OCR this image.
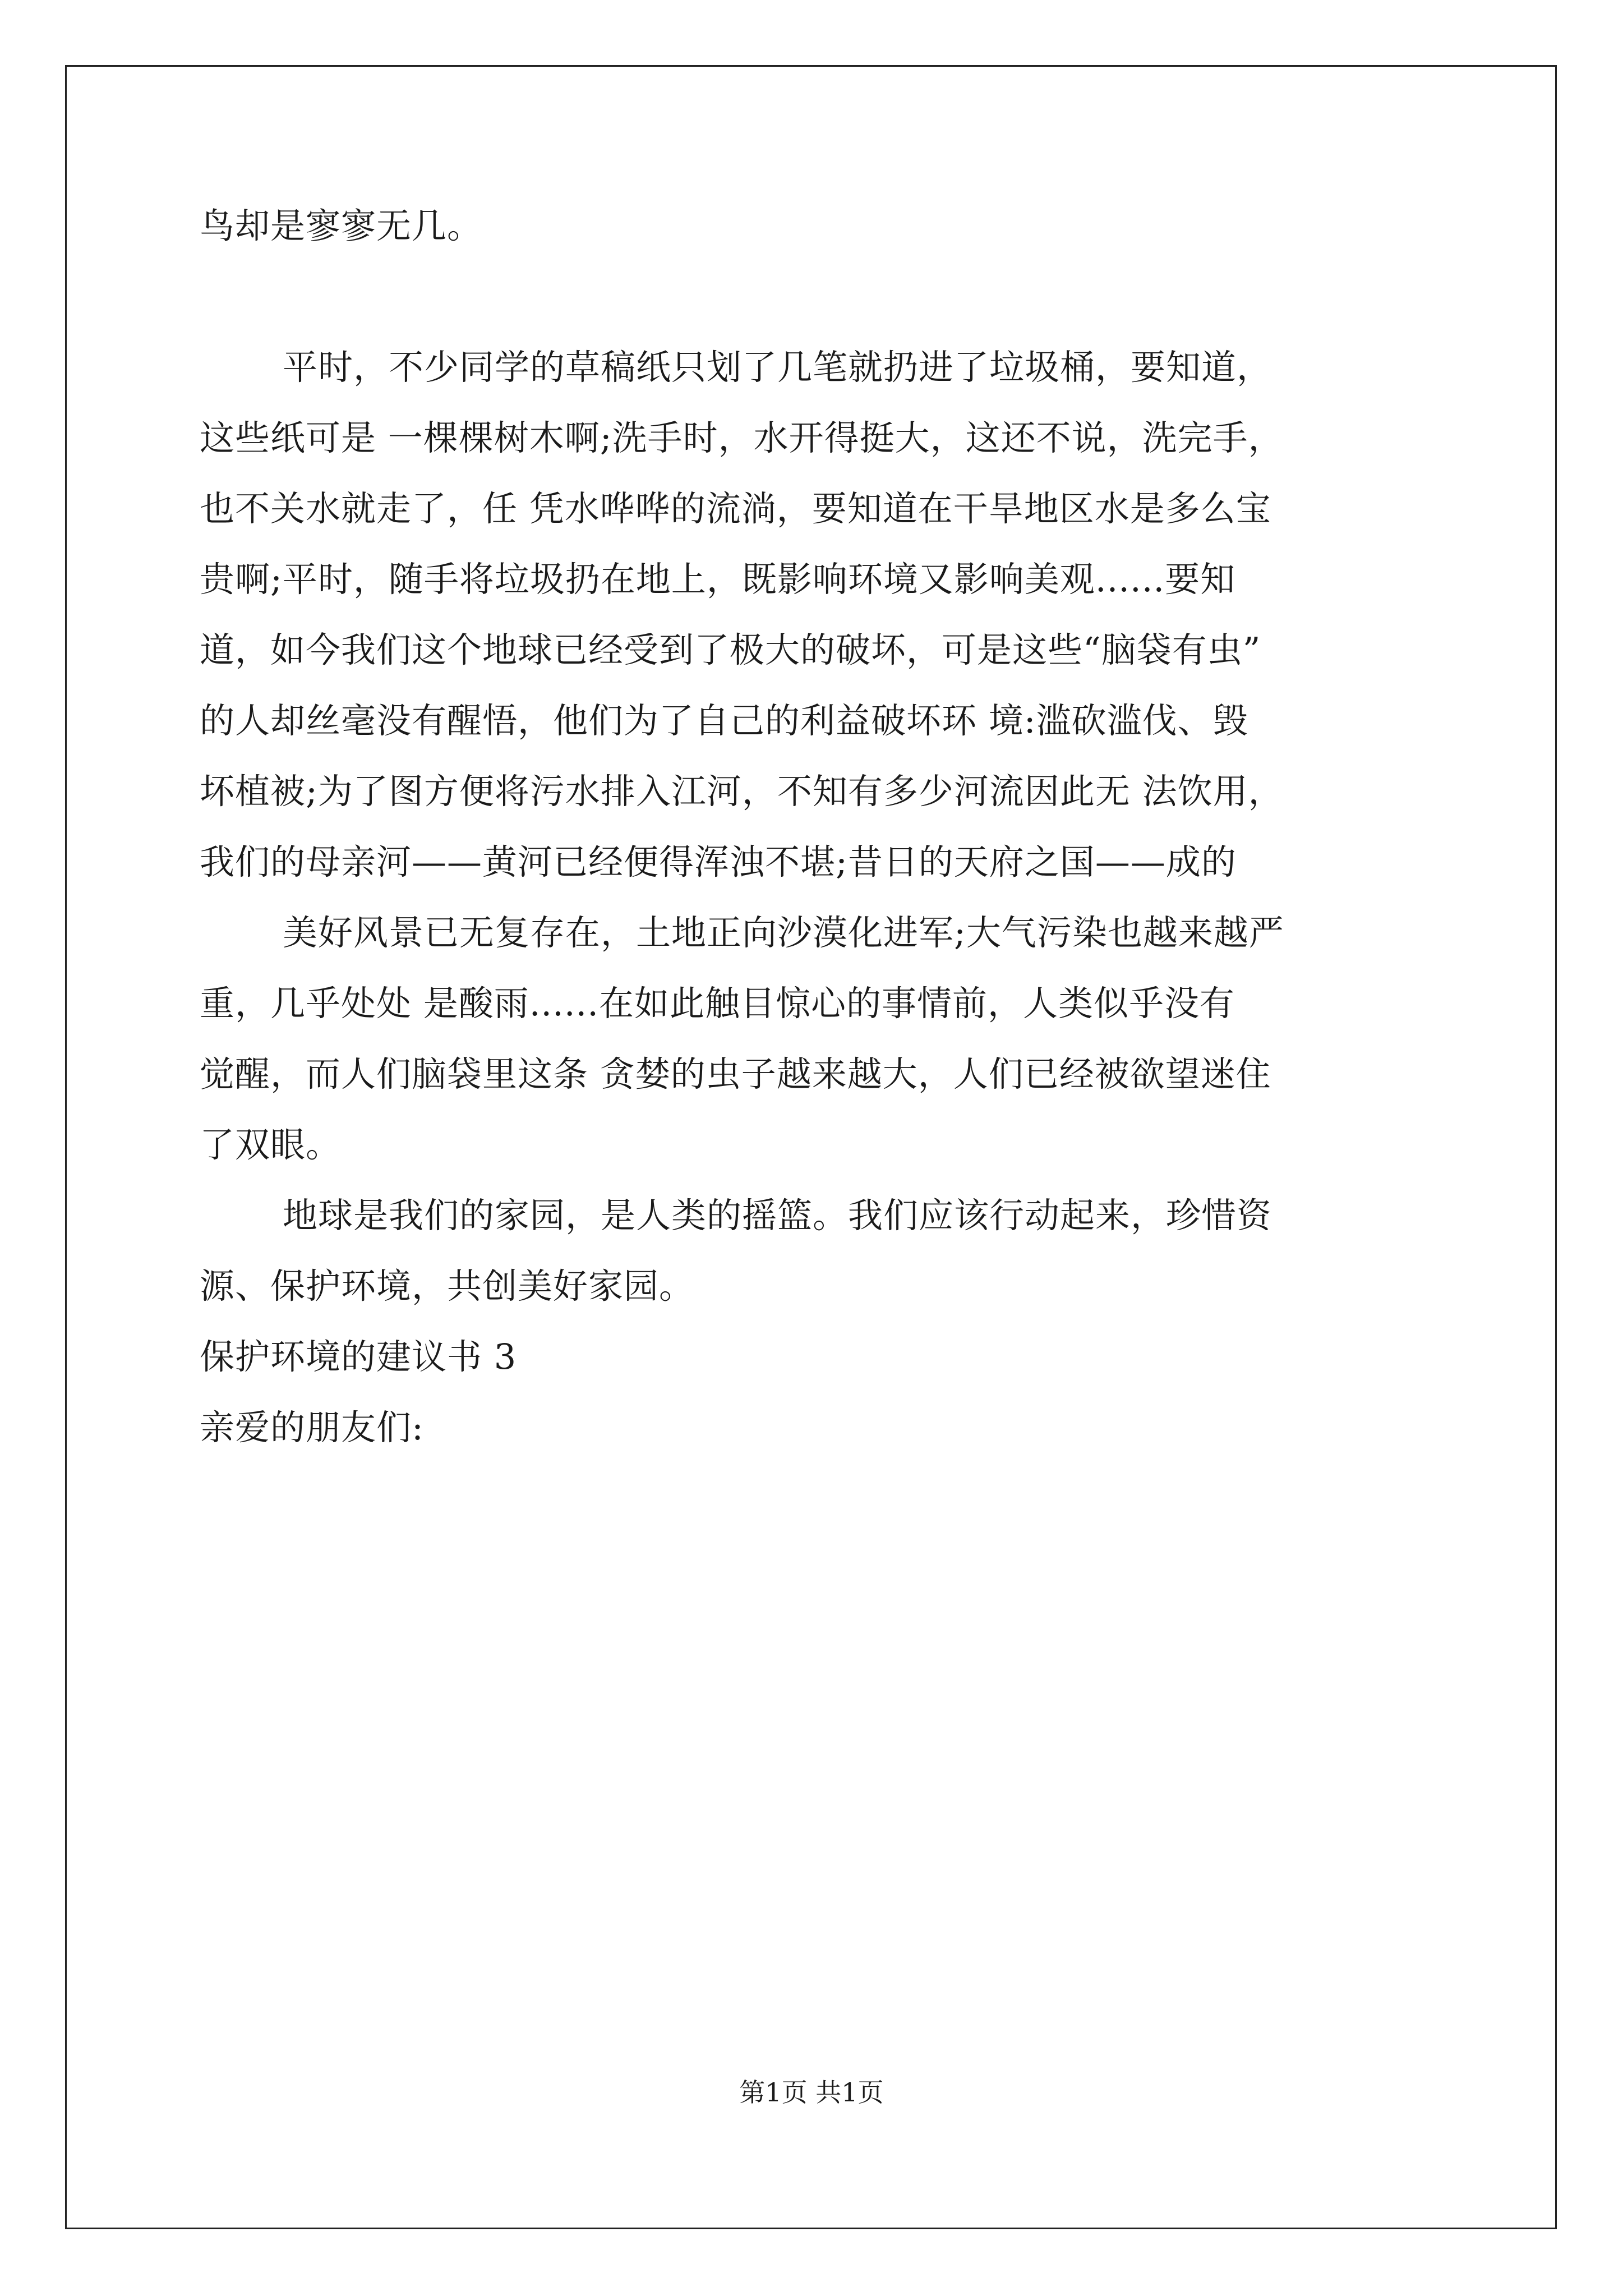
鸟却是寥寥无几。
平时，不少同学的草稿纸只划了几笔就扔进了垃圾桶，要知道，
这些纸可是 一棵棵树木啊;洗手时，水开得挺大，这还不说，洗完手，
也不关水就走了，任 凭水哗哗的流淌，要知道在干旱地区水是多么宝
贵啊;平时，随手将垃圾扔在地上，既影响环境又影响美观......要知
道，如今我们这个地球已经受到了极大的破坏，可是这些“脑袋有虫”
的人却丝毫没有醒悟，他们为了自己的利益破坏环 境:滥砍滥伐、毁
坏植被;为了图方便将污水排入江河，不知有多少河流因此无 法饮用，
我们的母亲河——黄河已经便得浑浊不堪;昔日的天府之国——成的
美好风景已无复存在，土地正向沙漠化进军;大气污染也越来越严
重，几乎处处 是酸雨......在如此触目惊心的事情前，人类似乎没有
觉醒，而人们脑袋里这条 贪婪的虫子越来越大，人们已经被欲望迷住
了双眼。
地球是我们的家园，是人类的摇篮。我们应该行动起来，珍惜资
源、保护环境，共创美好家园。
保护环境的建议书 3
亲爱的朋友们:
第1页 共1页
